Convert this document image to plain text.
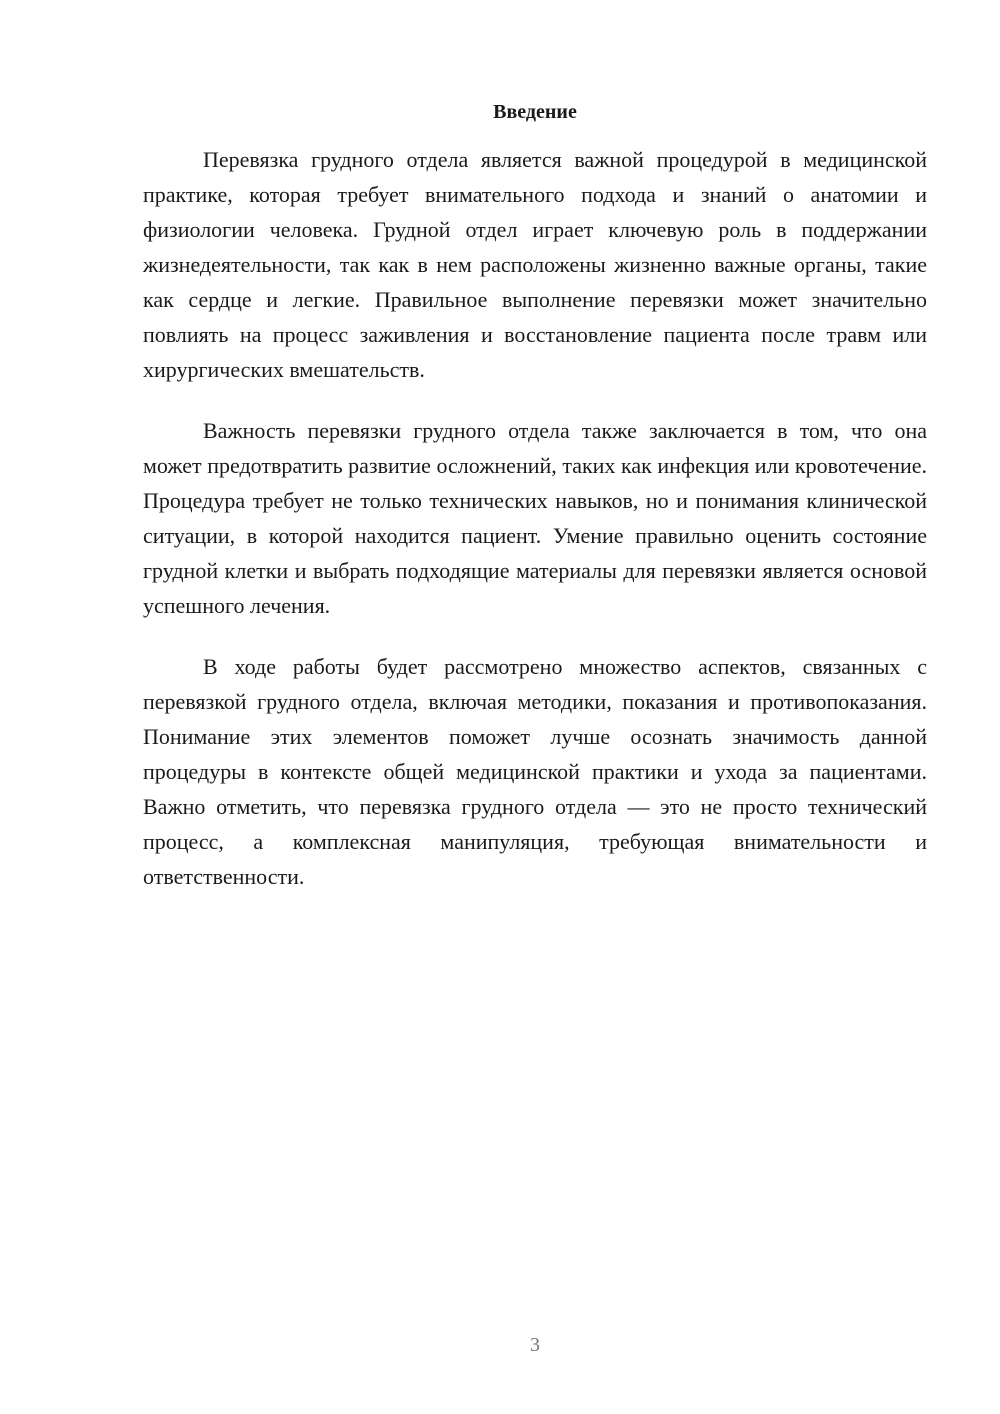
Введение

Перевязка грудного отдела является важной процедурой в медицинской практике, которая требует внимательного подхода и знаний о анатомии и физиологии человека. Грудной отдел играет ключевую роль в поддержании жизнедеятельности, так как в нем расположены жизненно важные органы, такие как сердце и легкие. Правильное выполнение перевязки может значительно повлиять на процесс заживления и восстановление пациента после травм или хирургических вмешательств.

Важность перевязки грудного отдела также заключается в том, что она может предотвратить развитие осложнений, таких как инфекция или кровотечение. Процедура требует не только технических навыков, но и понимания клинической ситуации, в которой находится пациент. Умение правильно оценить состояние грудной клетки и выбрать подходящие материалы для перевязки является основой успешного лечения.

В ходе работы будет рассмотрено множество аспектов, связанных с перевязкой грудного отдела, включая методики, показания и противопоказания. Понимание этих элементов поможет лучше осознать значимость данной процедуры в контексте общей медицинской практики и ухода за пациентами. Важно отметить, что перевязка грудного отдела — это не просто технический процесс, а комплексная манипуляция, требующая внимательности и ответственности.

3
